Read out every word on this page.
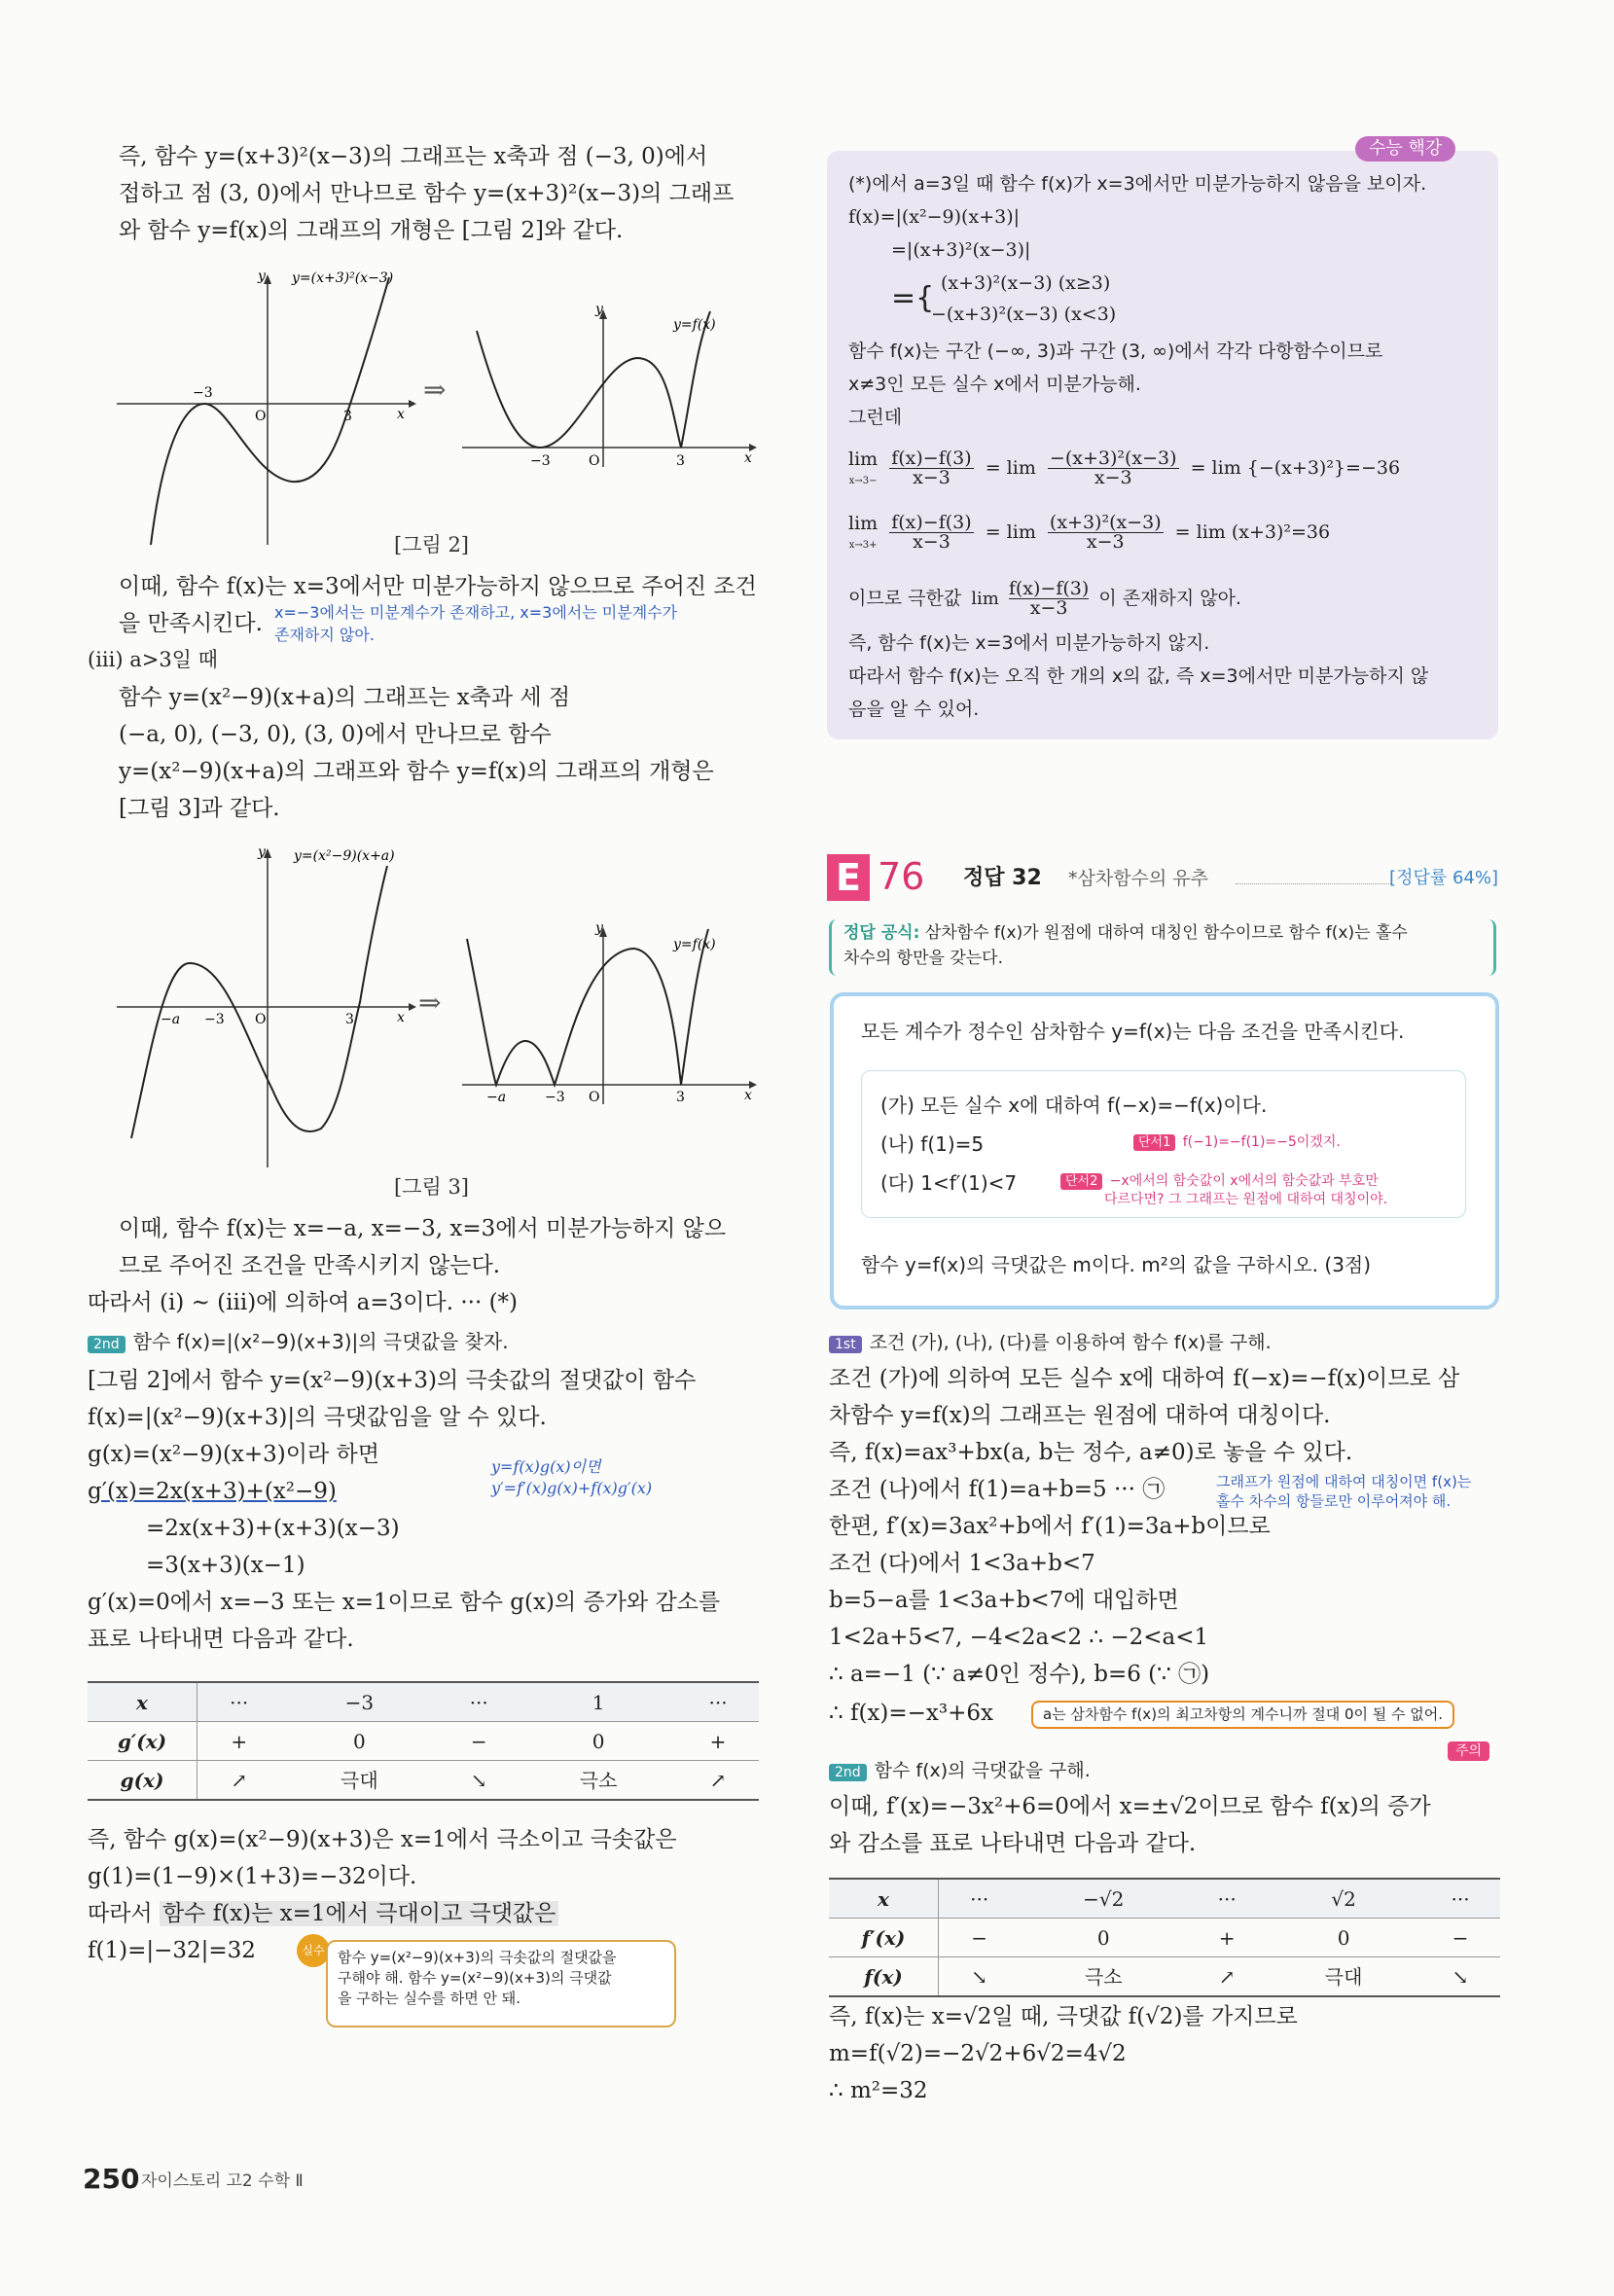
즉, 함수 y=(x+3)²(x−3)의 그래프는 x축과 점 (−3, 0)에서
접하고 점 (3, 0)에서 만나므로 함수 y=(x+3)²(x−3)의 그래프
와 함수 y=f(x)의 그래프의 개형은 [그림 2]와 같다.
y y=(x+3)²(x−3)
−3
O	3	x
⇒
y
y=f(x)
−3	O	3	x
[그림 2]
이때, 함수 f(x)는 x=3에서만 미분가능하지 않으므로 주어진 조건
을 만족시킨다. x=−3에서는 미분계수가 존재하고, x=3에서는 미분계수가
존재하지 않아.
(iii) a>3일 때
함수 y=(x²−9)(x+a)의 그래프는 x축과 세 점
(−a, 0), (−3, 0), (3, 0)에서 만나므로 함수
y=(x²−9)(x+a)의 그래프와 함수 y=f(x)의 그래프의 개형은
[그림 3]과 같다.
y y=(x²−9)(x+a)
−a −3 O	3	x ⇒
y
y=f(x)
−a	−3 O	3	x
[그림 3]
이때, 함수 f(x)는 x=−a, x=−3, x=3에서 미분가능하지 않으
므로 주어진 조건을 만족시키지 않는다.
따라서 (i) ~ (iii)에 의하여 a=3이다. ··· (*)
2nd 함수 f(x)=|(x²−9)(x+3)|의 극댓값을 찾자.
[그림 2]에서 함수 y=(x²−9)(x+3)의 극솟값의 절댓값이 함수
f(x)=|(x²−9)(x+3)|의 극댓값임을 알 수 있다.
g(x)=(x²−9)(x+3)이라 하면
g′(x)=2x(x+3)+(x²−9)
=2x(x+3)+(x+3)(x−3)
=3(x+3)(x−1)
g′(x)=0에서 x=−3 또는 x=1이므로 함수 g(x)의 증가와 감소를
표로 나타내면 다음과 같다.
y=f(x)g(x)이면
y′=f′(x)g(x)+f(x)g′(x)
x	···	−3	···	1	···
g′(x)	+	0	−	0	+
g(x)	↗	극대	↘	극소	↗
즉, 함수 g(x)=(x²−9)(x+3)은 x=1에서 극소이고 극솟값은
g(1)=(1−9)×(1+3)=−32이다.
따라서 함수 f(x)는 x=1에서 극대이고 극댓값은
f(1)=|−32|=32	실수 함수 y=(x²−9)(x+3)의 극솟값의 절댓값을
구해야 해. 함수 y=(x²−9)(x+3)의 극댓값
을 구하는 실수를 하면 안 돼.
수능 핵강
(*)에서 a=3일 때 함수 f(x)가 x=3에서만 미분가능하지 않음을 보이자.
f(x)=|(x²−9)(x+3)|
=|(x+3)²(x−3)|
={ (x+3)²(x−3) (x≥3)
−(x+3)²(x−3) (x<3)
함수 f(x)는 구간 (−∞, 3)과 구간 (3, ∞)에서 각각 다항함수이므로
x≠3인 모든 실수 x에서 미분가능해.
그런데
lim
$x\to 3- \frac{f(x)-f(3)}{x-3} = \lim \frac{\text{−(x+3)²(x−3)}}{x-3} = \lim \{-(x+3)^2\}=-36$
lim
$x\to 3+ \frac{f(x)-f(3)}{x-3} = \lim \frac{\text{(x+3)²(x−3)}}{x-3} = \lim (x+3)^2=36$
이므로 극한값 $\lim \frac{f(x)-f(3)}{x-3}$ 이 존재하지 않아.
즉, 함수 f(x)는 x=3에서 미분가능하지 않지.
따라서 함수 f(x)는 오직 한 개의 x의 값, 즉 x=3에서만 미분가능하지 않
음을 알 수 있어.
E 76 정답 32 *삼차함수의 유추	[정답률 64%]
정답 공식: 삼차함수 f(x)가 원점에 대하여 대칭인 함수이므로 함수 f(x)는 홀수
차수의 항만을 갖는다.
모든 계수가 정수인 삼차함수 y=f(x)는 다음 조건을 만족시킨다.
(가) 모든 실수 x에 대하여 f(−x)=−f(x)이다.
(나) f(1)=5
(다) 1<f′(1)<7
단서1 f(−1)=−f(1)=−5이겠지.
단서2 −x에서의 함숫값이 x에서의 함숫값과 부호만
다르다면? 그 그래프는 원점에 대하여 대칭이야.
함수 y=f(x)의 극댓값은 m이다. m²의 값을 구하시오. (3점)
1st 조건 (가), (나), (다)를 이용하여 함수 f(x)를 구해.
조건 (가)에 의하여 모든 실수 x에 대하여 f(−x)=−f(x)이므로 삼
차함수 y=f(x)의 그래프는 원점에 대하여 대칭이다.
즉, f(x)=ax³+bx(a, b는 정수, a≠0)로 놓을 수 있다.
조건 (나)에서 f(1)=a+b=5 ··· ㉠	그래프가 원점에 대하여 대칭이면 f(x)는
홀수 차수의 항들로만 이루어져야 해.
한편, f′(x)=3ax²+b에서 f′(1)=3a+b이므로
조건 (다)에서 1<3a+b<7
b=5−a를 1<3a+b<7에 대입하면
1<2a+5<7, −4<2a<2 ∴ −2<a<1
∴ a=−1 (∵ a≠0인 정수), b=6 (∵ ㉠)
∴ f(x)=−x³+6x	a는 삼차함수 f(x)의 최고차항의 계수니까 절대 0이 될 수 없어.
주의
2nd 함수 f(x)의 극댓값을 구해.
이때, f′(x)=−3x²+6=0에서 x=±√2이므로 함수 f(x)의 증가
와 감소를 표로 나타내면 다음과 같다.
x	···	−√2	···	√2	···
f′(x)	−	0	+	0	−
f(x)	↘	극소	↗	극대	↘
즉, f(x)는 x=√2일 때, 극댓값 f(√2)를 가지므로
m=f(√2)=−2√2+6√2=4√2
∴ m²=32
250 자이스토리 고2 수학 Ⅱ
